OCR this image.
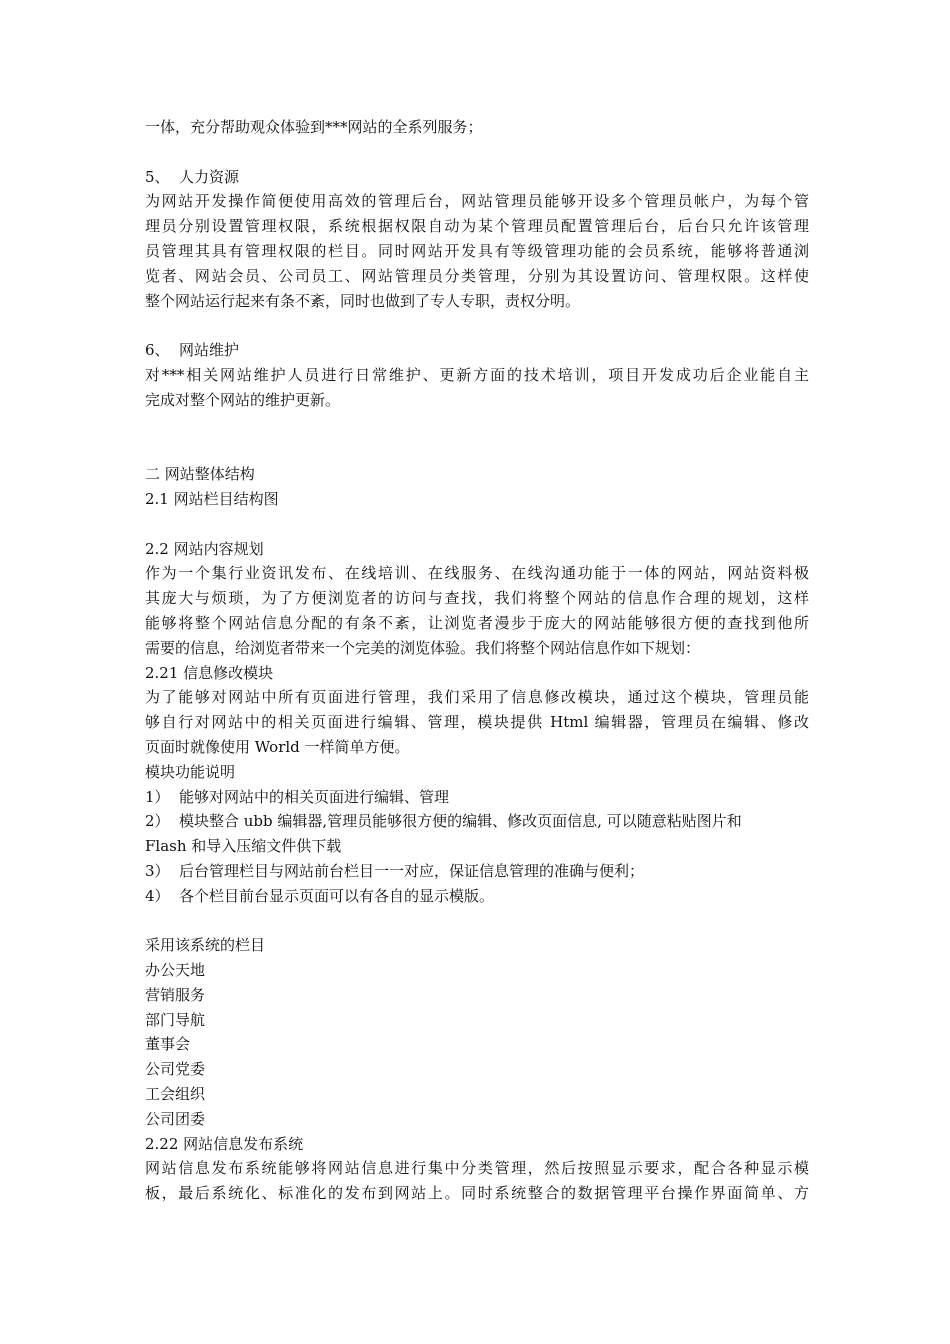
一体，充分帮助观众体验到***网站的全系列服务；
5、 人力资源
为网站开发操作简便使用高效的管理后台，网站管理员能够开设多个管理员帐户，为每个管
理员分别设置管理权限，系统根据权限自动为某个管理员配置管理后台，后台只允许该管理
员管理其具有管理权限的栏目。同时网站开发具有等级管理功能的会员系统，能够将普通浏
览者、网站会员、公司员工、网站管理员分类管理，分别为其设置访问、管理权限。这样使
整个网站运行起来有条不紊，同时也做到了专人专职，责权分明。
6、 网站维护
对***相关网站维护人员进行日常维护、更新方面的技术培训，项目开发成功后企业能自主
完成对整个网站的维护更新。
二 网站整体结构
2.1 网站栏目结构图
2.2 网站内容规划
作为一个集行业资讯发布、在线培训、在线服务、在线沟通功能于一体的网站，网站资料极
其庞大与烦琐，为了方便浏览者的访问与查找，我们将整个网站的信息作合理的规划，这样
能够将整个网站信息分配的有条不紊，让浏览者漫步于庞大的网站能够很方便的查找到他所
需要的信息，给浏览者带来一个完美的浏览体验。我们将整个网站信息作如下规划：
2.21 信息修改模块
为了能够对网站中所有页面进行管理，我们采用了信息修改模块，通过这个模块，管理员能
够自行对网站中的相关页面进行编辑、管理，模块提供 Html 编辑器，管理员在编辑、修改
页面时就像使用 World 一样简单方便。
模块功能说明
1） 能够对网站中的相关页面进行编辑、管理
2） 模块整合 ubb 编辑器,管理员能够很方便的编辑、修改页面信息, 可以随意粘贴图片和
Flash 和导入压缩文件供下载
3） 后台管理栏目与网站前台栏目一一对应，保证信息管理的准确与便利；
4） 各个栏目前台显示页面可以有各自的显示模版。
采用该系统的栏目
办公天地
营销服务
部门导航
董事会
公司党委
工会组织
公司团委
2.22 网站信息发布系统
网站信息发布系统能够将网站信息进行集中分类管理，然后按照显示要求，配合各种显示模
板，最后系统化、标准化的发布到网站上。同时系统整合的数据管理平台操作界面简单、方
